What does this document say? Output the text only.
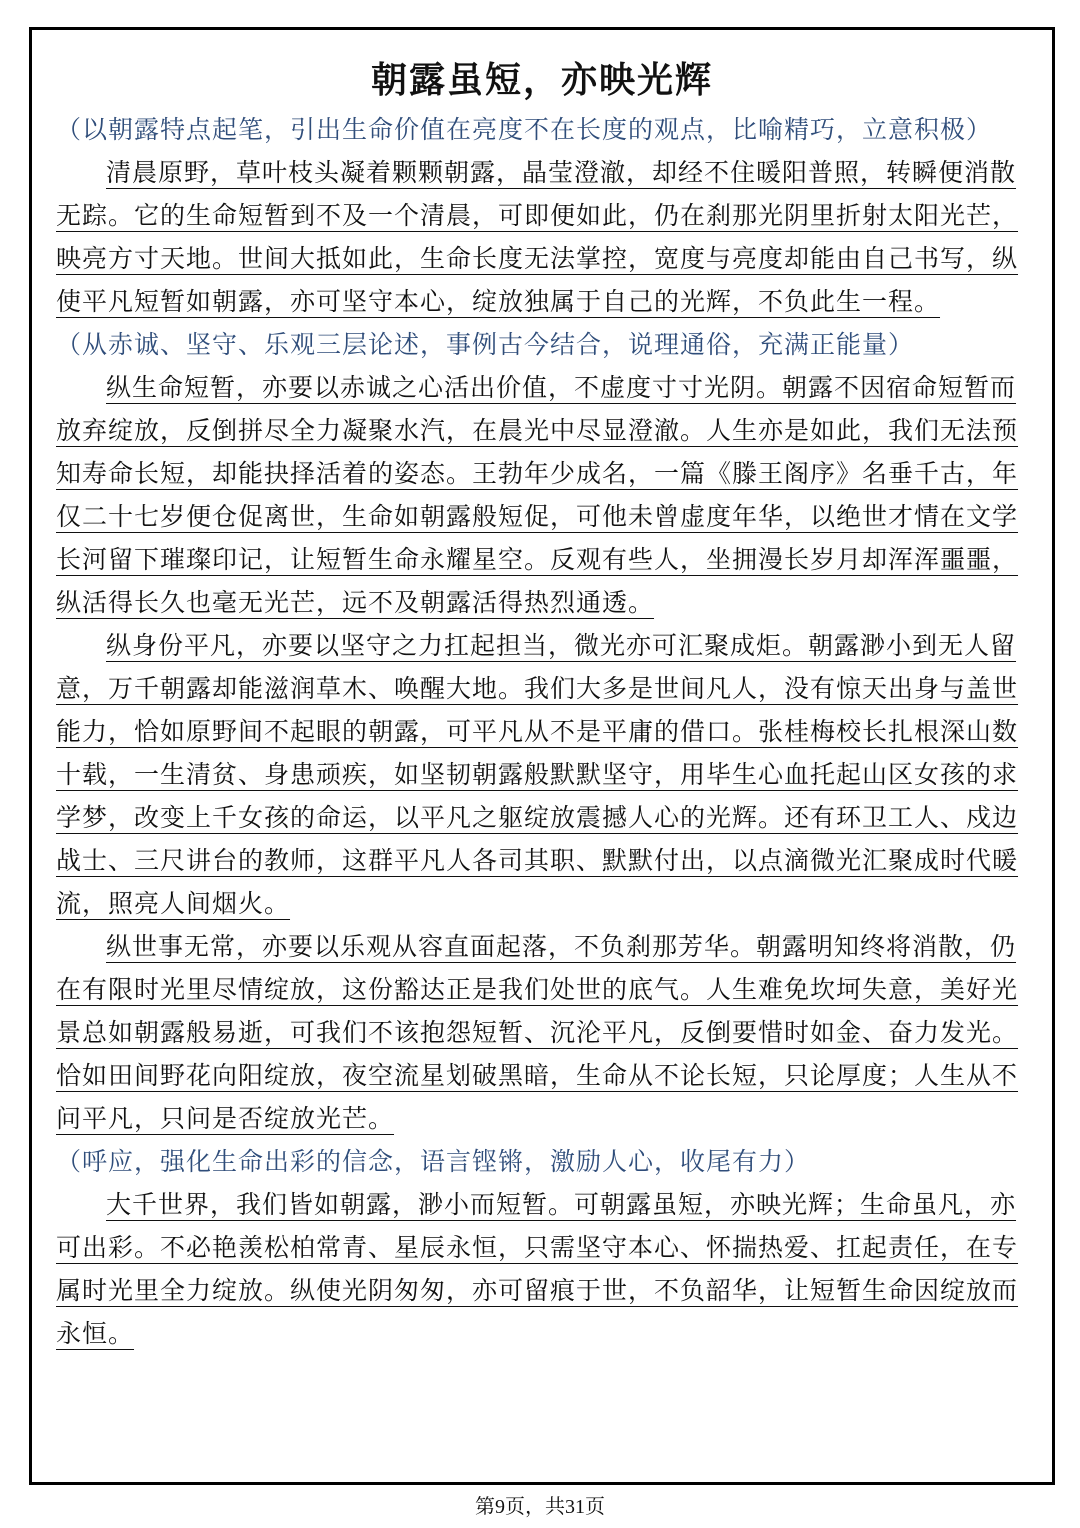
朝露虽短，亦映光辉

（以朝露特点起笔，引出生命价值在亮度不在长度的观点，比喻精巧，立意积极）

清晨原野，草叶枝头凝着颗颗朝露，晶莹澄澈，却经不住暖阳普照，转瞬便消散无踪。它的生命短暂到不及一个清晨，可即便如此，仍在刹那光阴里折射太阳光芒，映亮方寸天地。世间大抵如此，生命长度无法掌控，宽度与亮度却能由自己书写，纵使平凡短暂如朝露，亦可坚守本心，绽放独属于自己的光辉，不负此生一程。

（从赤诚、坚守、乐观三层论述，事例古今结合，说理通俗，充满正能量）

纵生命短暂，亦要以赤诚之心活出价值，不虚度寸寸光阴。朝露不因宿命短暂而放弃绽放，反倒拼尽全力凝聚水汽，在晨光中尽显澄澈。人生亦是如此，我们无法预知寿命长短，却能抉择活着的姿态。王勃年少成名，一篇《滕王阁序》名垂千古，年仅二十七岁便仓促离世，生命如朝露般短促，可他未曾虚度年华，以绝世才情在文学长河留下璀璨印记，让短暂生命永耀星空。反观有些人，坐拥漫长岁月却浑浑噩噩，纵活得长久也毫无光芒，远不及朝露活得热烈通透。

纵身份平凡，亦要以坚守之力扛起担当，微光亦可汇聚成炬。朝露渺小到无人留意，万千朝露却能滋润草木、唤醒大地。我们大多是世间凡人，没有惊天出身与盖世能力，恰如原野间不起眼的朝露，可平凡从不是平庸的借口。张桂梅校长扎根深山数十载，一生清贫、身患顽疾，如坚韧朝露般默默坚守，用毕生心血托起山区女孩的求学梦，改变上千女孩的命运，以平凡之躯绽放震撼人心的光辉。还有环卫工人、戍边战士、三尺讲台的教师，这群平凡人各司其职、默默付出，以点滴微光汇聚成时代暖流，照亮人间烟火。

纵世事无常，亦要以乐观从容直面起落，不负刹那芳华。朝露明知终将消散，仍在有限时光里尽情绽放，这份豁达正是我们处世的底气。人生难免坎坷失意，美好光景总如朝露般易逝，可我们不该抱怨短暂、沉沦平凡，反倒要惜时如金、奋力发光。恰如田间野花向阳绽放，夜空流星划破黑暗，生命从不论长短，只论厚度；人生从不问平凡，只问是否绽放光芒。

（呼应，强化生命出彩的信念，语言铿锵，激励人心，收尾有力）

大千世界，我们皆如朝露，渺小而短暂。可朝露虽短，亦映光辉；生命虽凡，亦可出彩。不必艳羡松柏常青、星辰永恒，只需坚守本心、怀揣热爱、扛起责任，在专属时光里全力绽放。纵使光阴匆匆，亦可留痕于世，不负韶华，让短暂生命因绽放而永恒。

第9页，共31页
